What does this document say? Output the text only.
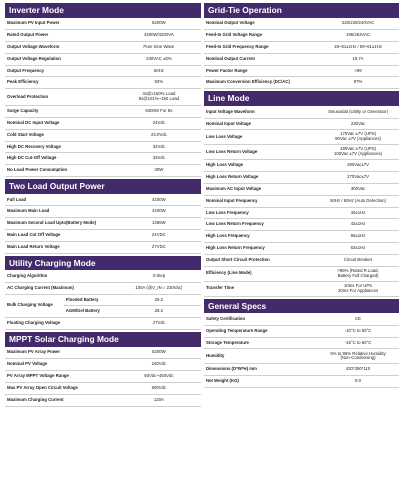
Inverter Mode
Maximum PV Input Power	5200W
Rated Output Power	4200W/4200VA
Output Voltage Waveform	Pure Sine Wave
Output Voltage Regulation	230VAC ±5%
Output Frequency	50Hz
Peak Efficiency	93%
Overload Protection	3s@≥150% Load
5s@101%~150 Load
Surge Capacity	8400W For 5s
Nominal DC Input Voltage	24Vdc
Cold Start Voltage	23.0Vdc
High DC Recovery Voltage	32Vdc
High DC Cut-Off Voltage	33Vdc
No Load Power Consumption	30W
Two Load Output Power
Full Load	4200W
Maximum Main Load	4200W
Maximum Second Load Upto(Battery Mode)	1386W
Main Load Cut Off Voltage	24VDC
Main Load Return Voltage	27VDC
Utility Charging Mode
Charging Algorithm		3-Step
AC Charging Current (Maximum)		100A (@V_IN = 230Vac)
Bulk Charging Voltage	Flooded Battery	29.2
	AGM/Gel Battery	28.2
Floating Charging Voltage		27Vdc
MPPT Solar Charging Mode
Maximum PV Array Power	5200W
Nominal PV Voltage	240Vdc
PV Array MPPT Voltage Range	60Vdc~450Vdc
Max PV Array Open Circuit Voltage	500Vdc
Maximum Charging Current	120A
Grid-Tie Operation
Nominal Output Voltage	220/230/240VAC
Feed-In Grid Voltage Range	195/253VAC
Feed-In Grid Frequency Range	49~51±1Hz / 59~61±1Hz
Nominal Output Current	18.7A
Power Factor Range	>99
Maximum Conversion Efficiency (DC/AC)	97%
Line Mode
Input Voltage Waveform	Sinusoidal (Utility or Generator)
Nominal Input Voltage	230Vac
Low Loss Voltage	170Vac ±7V (UPS)
90Vac ±7V (Appliances)
Low Loss Return Voltage	180Vac ±7V (UPS)
100Vac ±7V (Appliances)
High Loss Voltage	280Vac±7V
High Loss Return Voltage	270Vac±7V
Maximum AC Input Voltage	300Vac
Nominal Input Frequency	50Hz / 60Hz (Auto Detection)
Low Loss Frequency	40±1Hz
Low Loss Return Frequency	42±1Hz
High Loss Frequency	65±1Hz
High Loss Return Frequency	63±1Hz
Output Short Circuit Protection	Circuit Breaker
Efficiency (Line Mode)	>95% (Rated R Load,
Battery Full Charged)
Transfer Time	10ms For UPS
20ms For Appliances
General Specs
Safety Certification	CE
Operating Temperature Range	-10°C to 50°C
Storage Temperature	-15°C to 60°C
Humidity	5% to 95% Relative Humidity
(Non-Condensing)
Dimensions (D*W*H) mm	420*350*110
Net Weight (KG)	9.0
